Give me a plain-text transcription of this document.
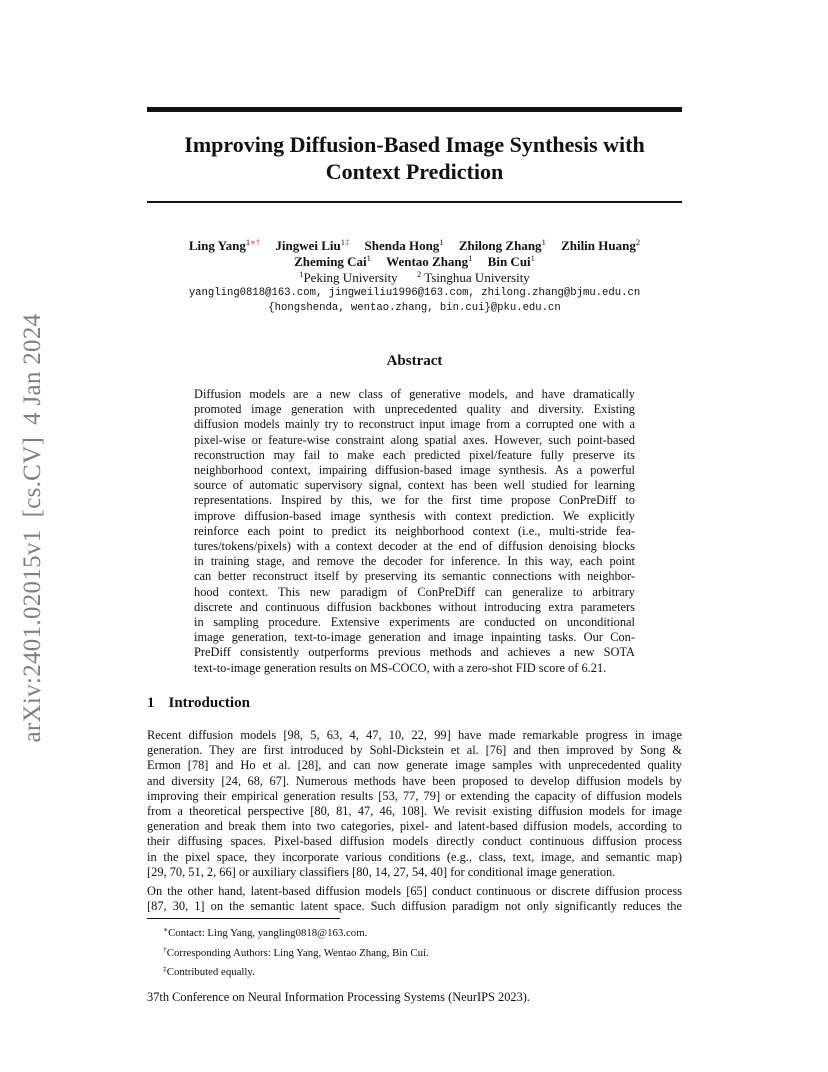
arXiv:2401.02015v1[cs.CV]4 Jan 2024
Improving Diffusion-Based Image Synthesis with
Context Prediction
Ling Yang$^{1∗\dagger}$ Jingwei Liu$^{1\ddagger}$ Shenda Hong$^1$ Zhilong Zhang$^1$ Zhilin Huang$^2$
Zheming Cai$^1$ Wentao Zhang$^1$ Bin Cui$^1$
$^1$Peking University $^2$ Tsinghua University
yangling0818@163.com, jingweiliu1996@163.com, zhilong.zhang@bjmu.edu.cn
{hongshenda, wentao.zhang, bin.cui}@pku.edu.cn
Abstract
Diffusion models are a new class of generative models, and have dramatically
promoted image generation with unprecedented quality and diversity. Existing
diffusion models mainly try to reconstruct input image from a corrupted one with a
pixel-wise or feature-wise constraint along spatial axes. However, such point-based
reconstruction may fail to make each predicted pixel/feature fully preserve its
neighborhood context, impairing diffusion-based image synthesis. As a powerful
source of automatic supervisory signal, context has been well studied for learning
representations. Inspired by this, we for the first time propose ConPreDiff to
improve diffusion-based image synthesis with context prediction. We explicitly
reinforce each point to predict its neighborhood context (i.e., multi-stride fea-
tures/tokens/pixels) with a context decoder at the end of diffusion denoising blocks
in training stage, and remove the decoder for inference. In this way, each point
can better reconstruct itself by preserving its semantic connections with neighbor-
hood context. This new paradigm of ConPreDiff can generalize to arbitrary
discrete and continuous diffusion backbones without introducing extra parameters
in sampling procedure. Extensive experiments are conducted on unconditional
image generation, text-to-image generation and image inpainting tasks. Our Con-
PreDiff consistently outperforms previous methods and achieves a new SOTA
text-to-image generation results on MS-COCO, with a zero-shot FID score of 6.21.
1 Introduction
Recent diffusion models [98, 5, 63, 4, 47, 10, 22, 99] have made remarkable progress in image
generation. They are first introduced by Sohl-Dickstein et al. [76] and then improved by Song &
Ermon [78] and Ho et al. [28], and can now generate image samples with unprecedented quality
and diversity [24, 68, 67]. Numerous methods have been proposed to develop diffusion models by
improving their empirical generation results [53, 77, 79] or extending the capacity of diffusion models
from a theoretical perspective [80, 81, 47, 46, 108]. We revisit existing diffusion models for image
generation and break them into two categories, pixel- and latent-based diffusion models, according to
their diffusing spaces. Pixel-based diffusion models directly conduct continuous diffusion process
in the pixel space, they incorporate various conditions (e.g., class, text, image, and semantic map)
[29, 70, 51, 2, 66] or auxiliary classifiers [80, 14, 27, 54, 40] for conditional image generation.
On the other hand, latent-based diffusion models [65] conduct continuous or discrete diffusion process
[87, 30, 1] on the semantic latent space. Such diffusion paradigm not only significantly reduces the
∗Contact: Ling Yang, yangling0818@163.com.
†Corresponding Authors: Ling Yang, Wentao Zhang, Bin Cui.
‡Contributed equally.
37th Conference on Neural Information Processing Systems (NeurIPS 2023).
